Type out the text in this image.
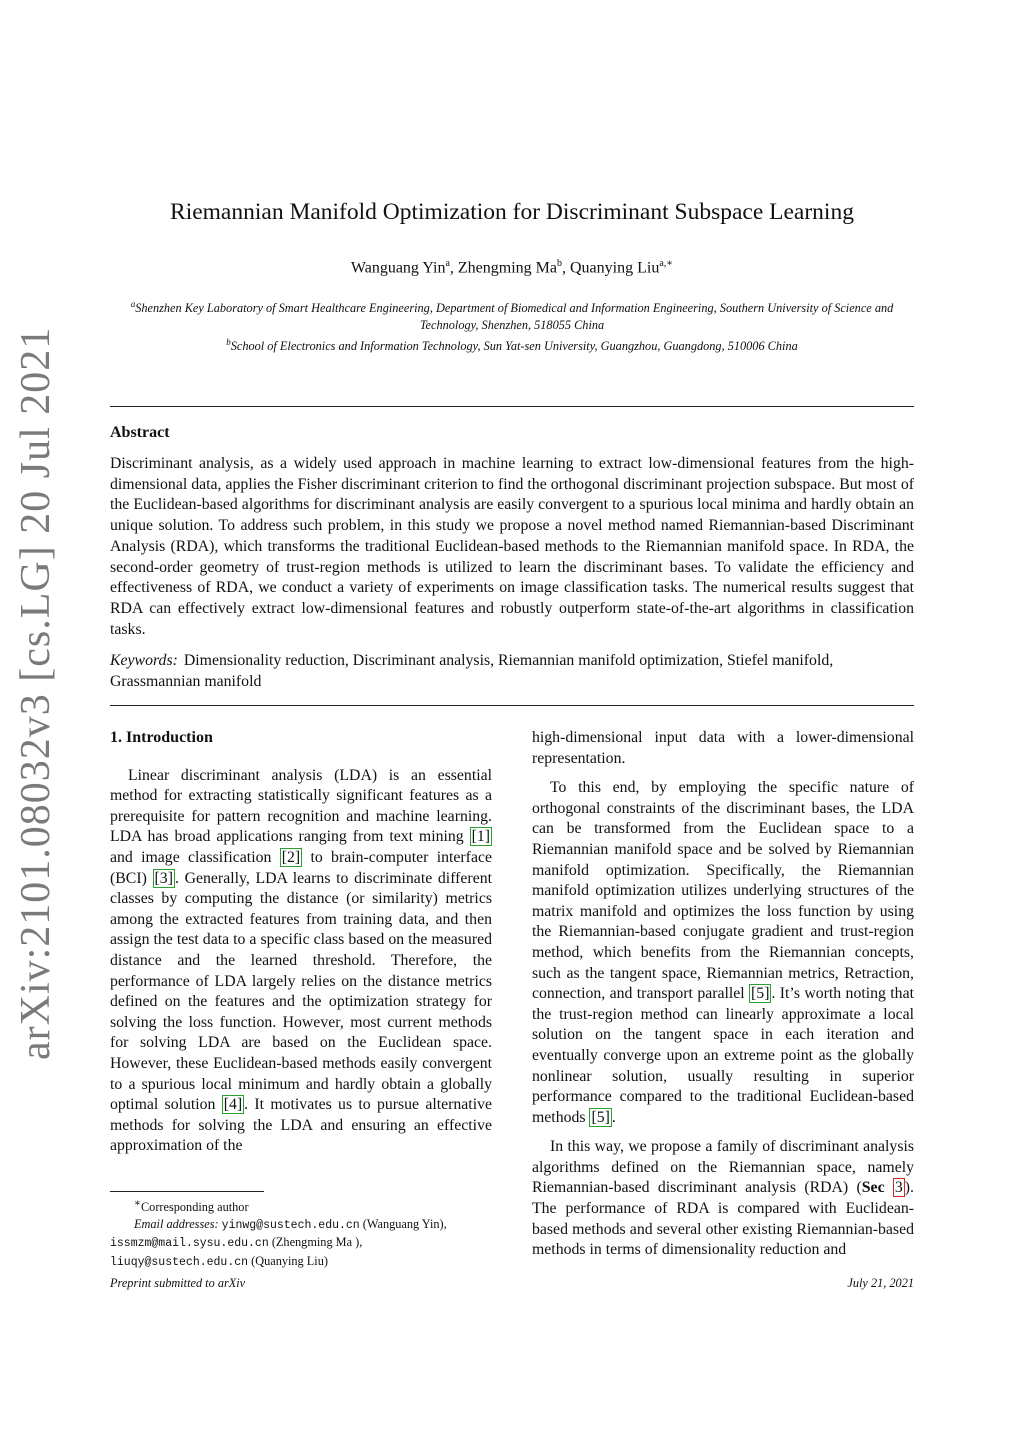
arXiv:2101.08032v3 [cs.LG] 20 Jul 2021
Riemannian Manifold Optimization for Discriminant Subspace Learning
Wanguang Yin$^a$, Zhengming Ma$^b$, Quanying Liu$^{a,∗}$
$^a$Shenzhen Key Laboratory of Smart Healthcare Engineering, Department of Biomedical and Information Engineering, Southern University of Science and Technology, Shenzhen, 518055 China
$^b$School of Electronics and Information Technology, Sun Yat-sen University, Guangzhou, Guangdong, 510006 China
Abstract
Discriminant analysis, as a widely used approach in machine learning to extract low-dimensional features from the high-dimensional data, applies the Fisher discriminant criterion to find the orthogonal discriminant projection subspace. But most of the Euclidean-based algorithms for discriminant analysis are easily convergent to a spurious local minima and hardly obtain an unique solution. To address such problem, in this study we propose a novel method named Riemannian-based Discriminant Analysis (RDA), which transforms the traditional Euclidean-based methods to the Riemannian manifold space. In RDA, the second-order geometry of trust-region methods is utilized to learn the discriminant bases. To validate the efficiency and effectiveness of RDA, we conduct a variety of experiments on image classification tasks. The numerical results suggest that RDA can effectively extract low-dimensional features and robustly outperform state-of-the-art algorithms in classification tasks.
Keywords: Dimensionality reduction, Discriminant analysis, Riemannian manifold optimization, Stiefel manifold, Grassmannian manifold
1. Introduction

Linear discriminant analysis (LDA) is an essential method for extracting statistically significant features as a prerequisite for pattern recognition and machine learning. LDA has broad applications ranging from text mining [1] and image classification [2] to brain-computer interface (BCI) [3] . Generally, LDA learns to discriminate different classes by computing the distance (or similarity) metrics among the extracted features from training data, and then assign the test data to a specific class based on the measured distance and the learned threshold. Therefore, the performance of LDA largely relies on the distance metrics defined on the features and the optimization strategy for solving the loss function. However, most current methods for solving LDA are based on the Euclidean space. However, these Euclidean-based methods easily convergent to a spurious local minimum and hardly obtain a globally optimal solution [4] . It motivates us to pursue alternative methods for solving the LDA and ensuring an effective approximation of the

high-dimensional input data with a lower-dimensional representation.

To this end, by employing the specific nature of orthogonal constraints of the discriminant bases, the LDA can be transformed from the Euclidean space to a Riemannian manifold space and be solved by Riemannian manifold optimization. Specifically, the Riemannian manifold optimization utilizes underlying structures of the matrix manifold and optimizes the loss function by using the Riemannian-based conjugate gradient and trust-region method, which benefits from the Riemannian concepts, such as the tangent space, Riemannian metrics, Retraction, connection, and transport parallel [5] . It’s worth noting that the trust-region method can linearly approximate a local solution on the tangent space in each iteration and eventually converge upon an extreme point as the globally nonlinear solution, usually resulting in superior performance compared to the traditional Euclidean-based methods [5] .

In this way, we propose a family of discriminant analysis algorithms defined on the Riemannian space, namely Riemannian-based discriminant analysis (RDA) (Sec 3 ). The performance of RDA is compared with Euclidean-based methods and several other existing Riemannian-based methods in terms of dimensionality reduction and

∗Corresponding author
Email addresses: yinwg@sustech.edu.cn (Wanguang Yin),
issmzm@mail.sysu.edu.cn (Zhengming Ma ),
liuqy@sustech.edu.cn (Quanying Liu)
Preprint submitted to arXiv	July 21, 2021
